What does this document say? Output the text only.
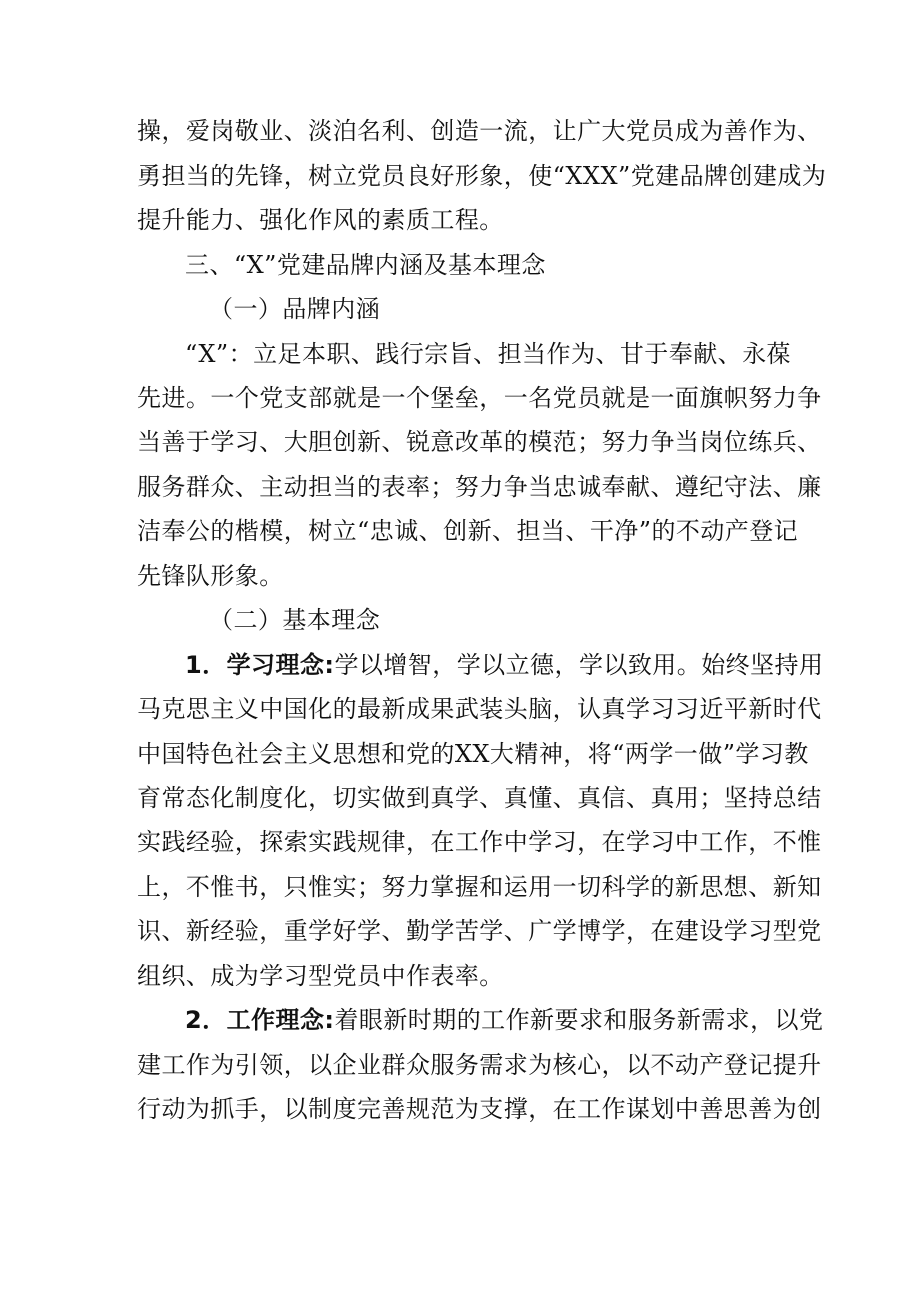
操，爱岗敬业、淡泊名利、创造一流，让广大党员成为善作为、
勇担当的先锋，树立党员良好形象，使“XXX”党建品牌创建成为
提升能力、强化作风的素质工程。
三、“X”党建品牌内涵及基本理念
（一）品牌内涵
“X”：立足本职、践行宗旨、担当作为、甘于奉献、永葆
先进。一个党支部就是一个堡垒，一名党员就是一面旗帜努力争
当善于学习、大胆创新、锐意改革的模范；努力争当岗位练兵、
服务群众、主动担当的表率；努力争当忠诚奉献、遵纪守法、廉
洁奉公的楷模，树立“忠诚、创新、担当、干净”的不动产登记
先锋队形象。
（二）基本理念
1．学习理念:学以增智，学以立德，学以致用。始终坚持用
马克思主义中国化的最新成果武装头脑，认真学习习近平新时代
中国特色社会主义思想和党的XX大精神，将“两学一做”学习教
育常态化制度化，切实做到真学、真懂、真信、真用；坚持总结
实践经验，探索实践规律，在工作中学习，在学习中工作，不惟
上，不惟书，只惟实；努力掌握和运用一切科学的新思想、新知
识、新经验，重学好学、勤学苦学、广学博学，在建设学习型党
组织、成为学习型党员中作表率。
2．工作理念:着眼新时期的工作新要求和服务新需求，以党
建工作为引领，以企业群众服务需求为核心，以不动产登记提升
行动为抓手，以制度完善规范为支撑，在工作谋划中善思善为创
